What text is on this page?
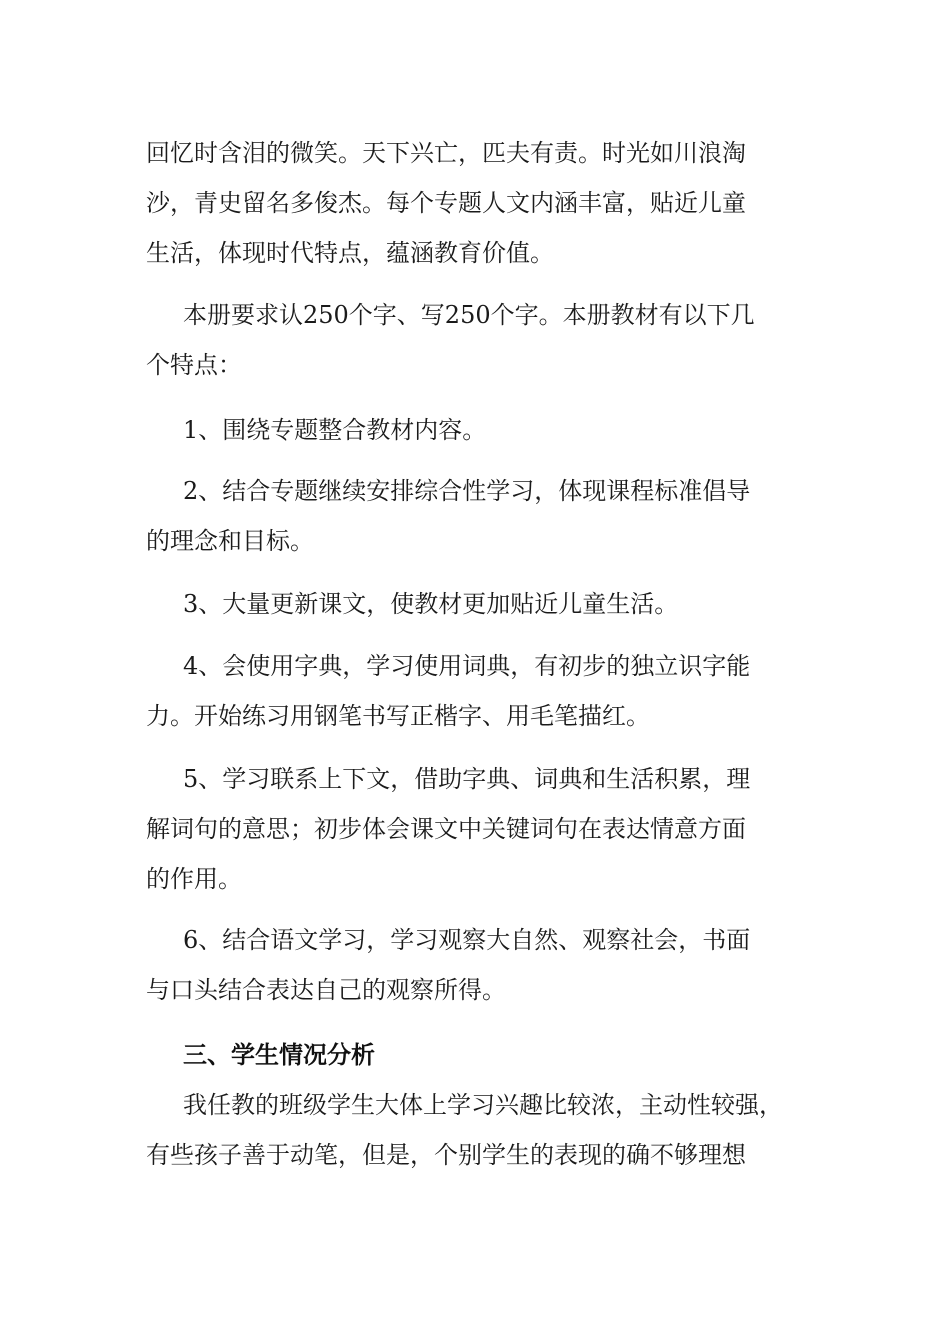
回忆时含泪的微笑。天下兴亡，匹夫有责。时光如川浪淘
沙，青史留名多俊杰。每个专题人文内涵丰富，贴近儿童
生活，体现时代特点，蕴涵教育价值。

本册要求认250个字、写250个字。本册教材有以下几
个特点：

1、围绕专题整合教材内容。

2、结合专题继续安排综合性学习，体现课程标准倡导
的理念和目标。

3、大量更新课文，使教材更加贴近儿童生活。

4、会使用字典，学习使用词典，有初步的独立识字能
力。开始练习用钢笔书写正楷字、用毛笔描红。

5、学习联系上下文，借助字典、词典和生活积累，理
解词句的意思；初步体会课文中关键词句在表达情意方面
的作用。

6、结合语文学习，学习观察大自然、观察社会，书面
与口头结合表达自己的观察所得。

三、学生情况分析

我任教的班级学生大体上学习兴趣比较浓，主动性较强，
有些孩子善于动笔，但是，个别学生的表现的确不够理想
